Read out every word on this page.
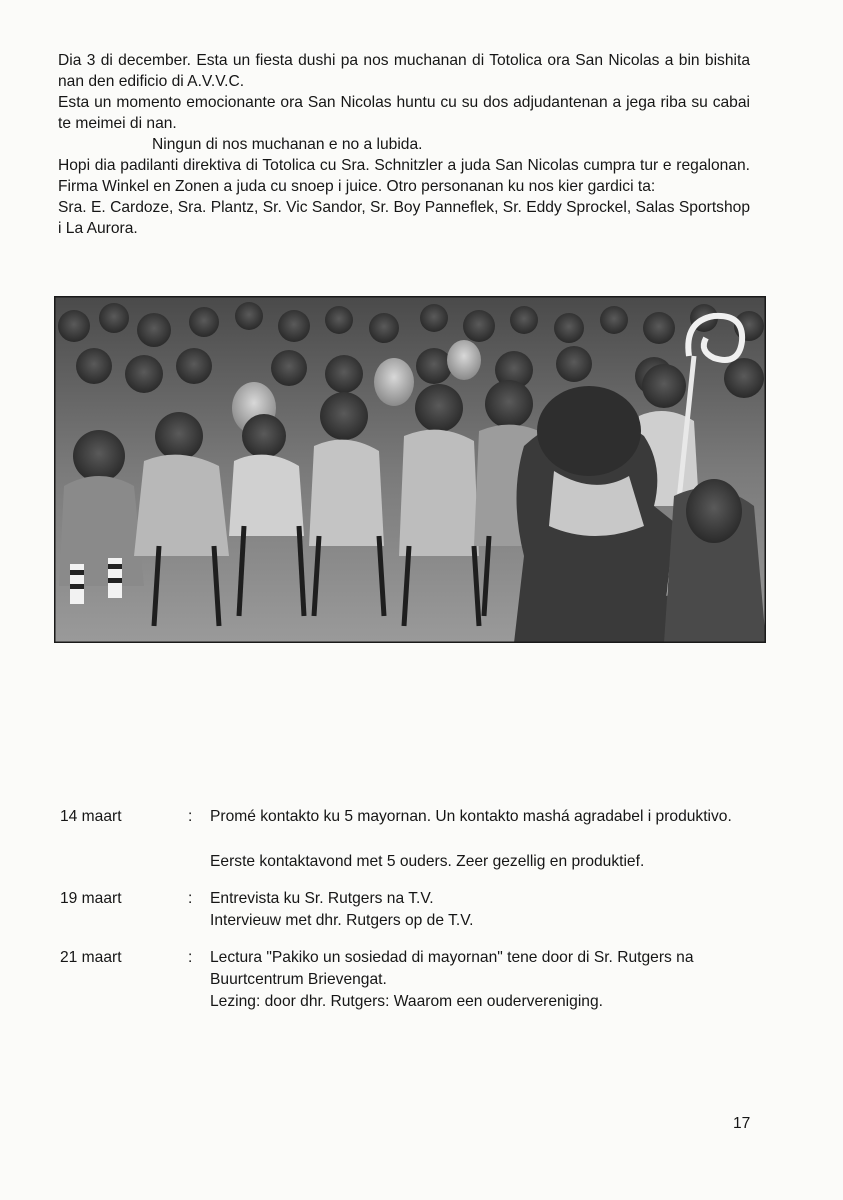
Dia 3 di december. Esta un fiesta dushi pa nos muchanan di Totolica ora San Nicolas a bin bishita nan den edificio di A.V.V.C.

Esta un momento emocionante ora San Nicolas huntu cu su dos adjudantenan a jega riba su cabai te meimei di nan.

Ningun di nos muchanan e no a lubida.

Hopi dia padilanti direktiva di Totolica cu Sra. Schnitzler a juda San Nicolas cumpra tur e regalonan. Firma Winkel en Zonen a juda cu snoep i juice. Otro personanan ku nos kier gardici ta:

Sra. E. Cardoze, Sra. Plantz, Sr. Vic Sandor, Sr. Boy Panneflek, Sr. Eddy Sprockel, Salas Sportshop i La Aurora.

14 maart	:	Promé kontakto ku 5 mayornan. Un kontakto mashá agradabel i produktivo.

Eerste kontaktavond met 5 ouders. Zeer gezellig en produktief.

19 maart	:	Entrevista ku Sr. Rutgers na T.V.

Intervieuw met dhr. Rutgers op de T.V.

21 maart	:	Lectura "Pakiko un sosiedad di mayornan" tene door di Sr. Rutgers na Buurtcentrum Brievengat.

Lezing: door dhr. Rutgers: Waarom een oudervereniging.

17
